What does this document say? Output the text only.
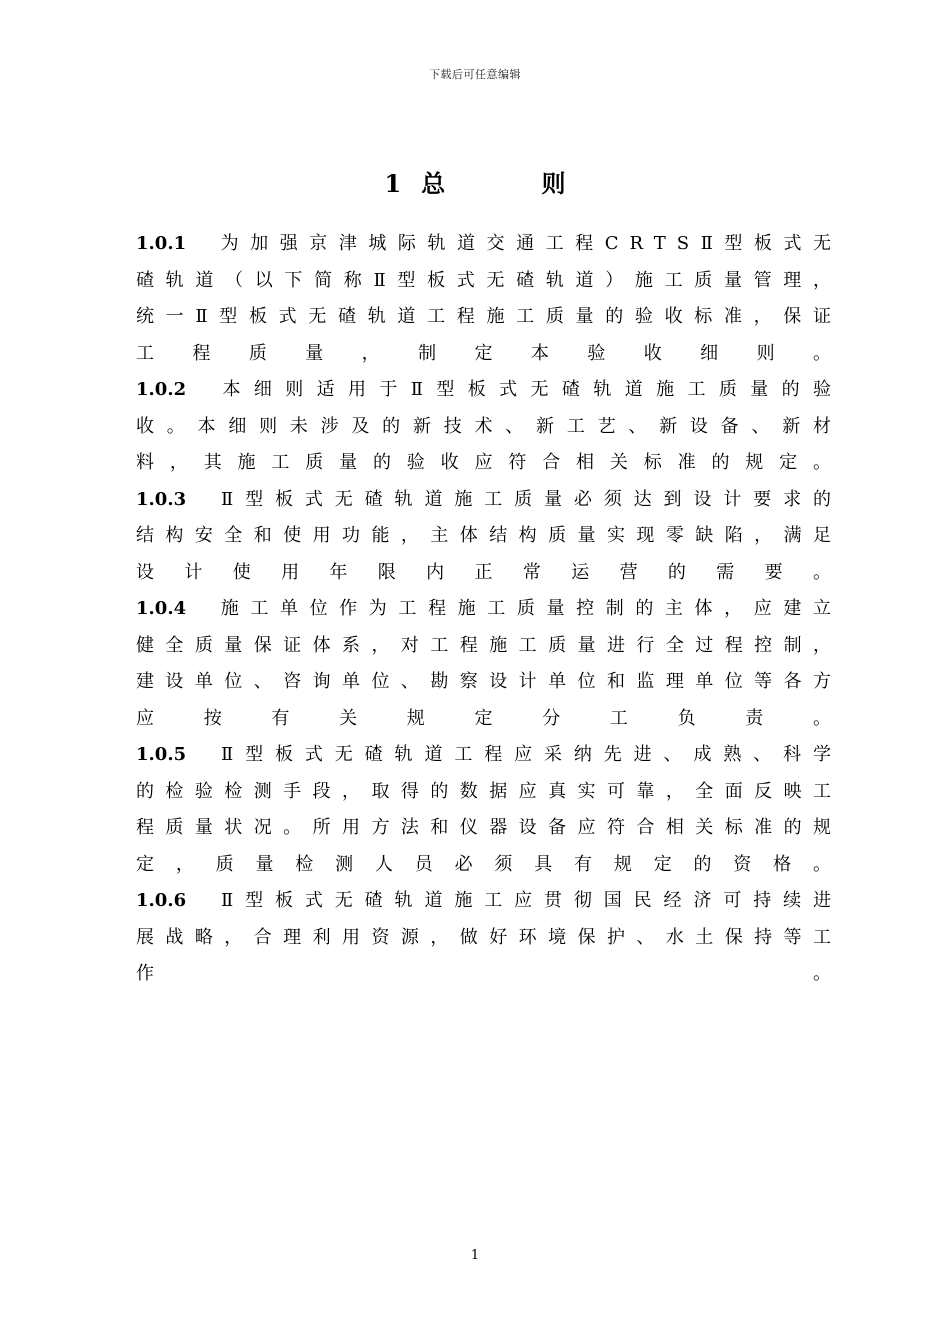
下载后可任意编辑
1 总 则

1.0.1 为加强京津城际轨道交通工程CRTSⅡ型板式无碴轨道（以下简称Ⅱ型板式无碴轨道）施工质量管理，统一Ⅱ型板式无碴轨道工程施工质量的验收标准，保证工程质量，制定本验收细则。

1.0.2 本细则适用于Ⅱ型板式无碴轨道施工质量的验收。本细则未涉及的新技术、新工艺、新设备、新材料，其施工质量的验收应符合相关标准的规定。

1.0.3 Ⅱ型板式无碴轨道施工质量必须达到设计要求的结构安全和使用功能，主体结构质量实现零缺陷，满足设计使用年限内正常运营的需要。

1.0.4 施工单位作为工程施工质量控制的主体，应建立健全质量保证体系，对工程施工质量进行全过程控制，建设单位、咨询单位、勘察设计单位和监理单位等各方应按有关规定分工负责。

1.0.5 Ⅱ型板式无碴轨道工程应采纳先进、成熟、科学的检验检测手段，取得的数据应真实可靠，全面反映工程质量状况。所用方法和仪器设备应符合相关标准的规定，质量检测人员必须具有规定的资格。

1.0.6 Ⅱ型板式无碴轨道施工应贯彻国民经济可持续进展战略，合理利用资源，做好环境保护、水土保持等工作。

1
